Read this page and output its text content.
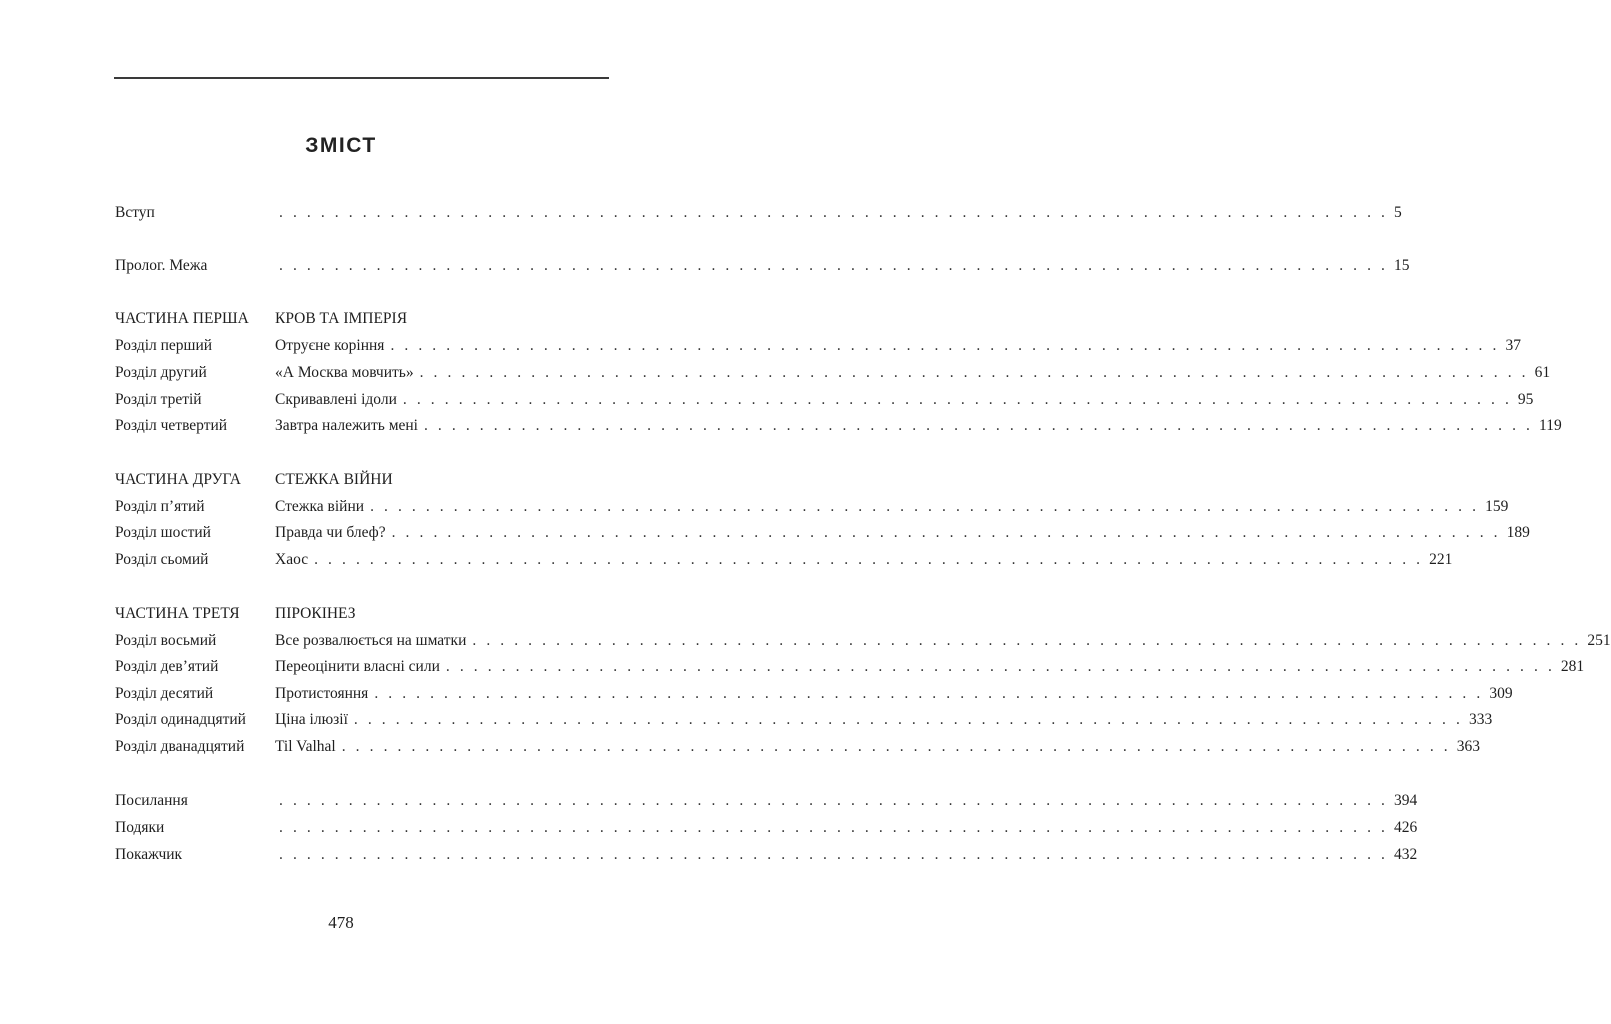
ЗМІСТ
Вступ	. . . . . . . . . . . . . . . . . . . . . . . . . . . . . . . . . . . . . . . . . . . . . . . . . . . . . . . . . . . . . . . . . . . . . . . . . . . . . . . . 5
Пролог. Межа	. . . . . . . . . . . . . . . . . . . . . . . . . . . . . . . . . . . . . . . . . . . . . . . . . . . . . . . . . . . . . . . . . . . . . . . . . . . . . . . . 15
ЧАСТИНА ПЕРША КРОВ ТА ІМПЕРІЯ
Розділ перший	Отруєне коріння . . . . . . . . . . . . . . . . . . . . . . . . . . . . . . . . . . . . . . . . . . . . . . . . . . . . . . . . . . . . . . . . . . . . . . . . . . . . . . . . 37
Розділ другий	«А Москва мовчить» . . . . . . . . . . . . . . . . . . . . . . . . . . . . . . . . . . . . . . . . . . . . . . . . . . . . . . . . . . . . . . . . . . . . . . . . . . . . . . . . 61
Розділ третій	Скривавлені ідоли . . . . . . . . . . . . . . . . . . . . . . . . . . . . . . . . . . . . . . . . . . . . . . . . . . . . . . . . . . . . . . . . . . . . . . . . . . . . . . . . 95
Розділ четвертий	Завтра належить мені . . . . . . . . . . . . . . . . . . . . . . . . . . . . . . . . . . . . . . . . . . . . . . . . . . . . . . . . . . . . . . . . . . . . . . . . . . . . . . . . 119
ЧАСТИНА ДРУГА СТЕЖКА ВІЙНИ
Розділ п’ятий	Стежка війни . . . . . . . . . . . . . . . . . . . . . . . . . . . . . . . . . . . . . . . . . . . . . . . . . . . . . . . . . . . . . . . . . . . . . . . . . . . . . . . . 159
Розділ шостий	Правда чи блеф? . . . . . . . . . . . . . . . . . . . . . . . . . . . . . . . . . . . . . . . . . . . . . . . . . . . . . . . . . . . . . . . . . . . . . . . . . . . . . . . . 189
Розділ сьомий	Хаос . . . . . . . . . . . . . . . . . . . . . . . . . . . . . . . . . . . . . . . . . . . . . . . . . . . . . . . . . . . . . . . . . . . . . . . . . . . . . . . . 221
ЧАСТИНА ТРЕТЯ ПІРОКІНЕЗ
Розділ восьмий	Все розвалюється на шматки . . . . . . . . . . . . . . . . . . . . . . . . . . . . . . . . . . . . . . . . . . . . . . . . . . . . . . . . . . . . . . . . . . . . . . . . . . . . . . . . 251
Розділ дев’ятий	Переоцінити власні сили . . . . . . . . . . . . . . . . . . . . . . . . . . . . . . . . . . . . . . . . . . . . . . . . . . . . . . . . . . . . . . . . . . . . . . . . . . . . . . . . 281
Розділ десятий	Протистояння . . . . . . . . . . . . . . . . . . . . . . . . . . . . . . . . . . . . . . . . . . . . . . . . . . . . . . . . . . . . . . . . . . . . . . . . . . . . . . . . 309
Розділ одинадцятий Ціна ілюзії . . . . . . . . . . . . . . . . . . . . . . . . . . . . . . . . . . . . . . . . . . . . . . . . . . . . . . . . . . . . . . . . . . . . . . . . . . . . . . . . 333
Розділ дванадцятий Til Valhal . . . . . . . . . . . . . . . . . . . . . . . . . . . . . . . . . . . . . . . . . . . . . . . . . . . . . . . . . . . . . . . . . . . . . . . . . . . . . . . . 363
Посилання	. . . . . . . . . . . . . . . . . . . . . . . . . . . . . . . . . . . . . . . . . . . . . . . . . . . . . . . . . . . . . . . . . . . . . . . . . . . . . . . . 394
Подяки	. . . . . . . . . . . . . . . . . . . . . . . . . . . . . . . . . . . . . . . . . . . . . . . . . . . . . . . . . . . . . . . . . . . . . . . . . . . . . . . . 426
Покажчик	. . . . . . . . . . . . . . . . . . . . . . . . . . . . . . . . . . . . . . . . . . . . . . . . . . . . . . . . . . . . . . . . . . . . . . . . . . . . . . . . 432
478
